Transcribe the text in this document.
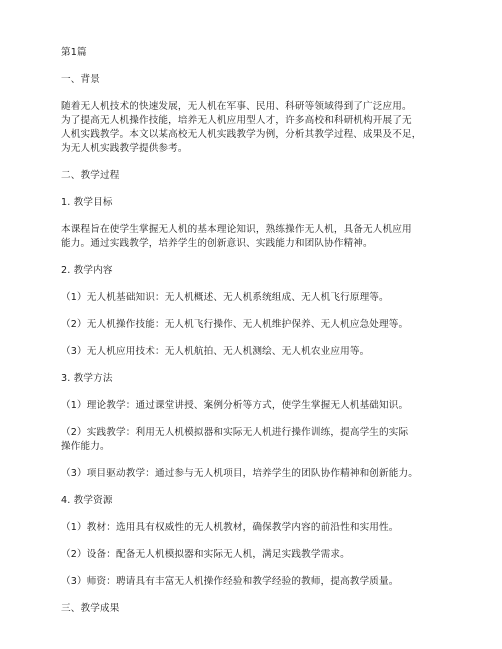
第1篇

一、背景

随着无人机技术的快速发展，无人机在军事、民用、科研等领域得到了广泛应用。

为了提高无人机操作技能，培养无人机应用型人才，许多高校和科研机构开展了无

人机实践教学。本文以某高校无人机实践教学为例，分析其教学过程、成果及不足，

为无人机实践教学提供参考。

二、教学过程

1. 教学目标

本课程旨在使学生掌握无人机的基本理论知识，熟练操作无人机，具备无人机应用

能力。通过实践教学，培养学生的创新意识、实践能力和团队协作精神。

2. 教学内容

（1）无人机基础知识：无人机概述、无人机系统组成、无人机飞行原理等。

（2）无人机操作技能：无人机飞行操作、无人机维护保养、无人机应急处理等。

（3）无人机应用技术：无人机航拍、无人机测绘、无人机农业应用等。

3. 教学方法

（1）理论教学：通过课堂讲授、案例分析等方式，使学生掌握无人机基础知识。

（2）实践教学：利用无人机模拟器和实际无人机进行操作训练，提高学生的实际

操作能力。

（3）项目驱动教学：通过参与无人机项目，培养学生的团队协作精神和创新能力。

4. 教学资源

（1）教材：选用具有权威性的无人机教材，确保教学内容的前沿性和实用性。

（2）设备：配备无人机模拟器和实际无人机，满足实践教学需求。

（3）师资：聘请具有丰富无人机操作经验和教学经验的教师，提高教学质量。

三、教学成果
